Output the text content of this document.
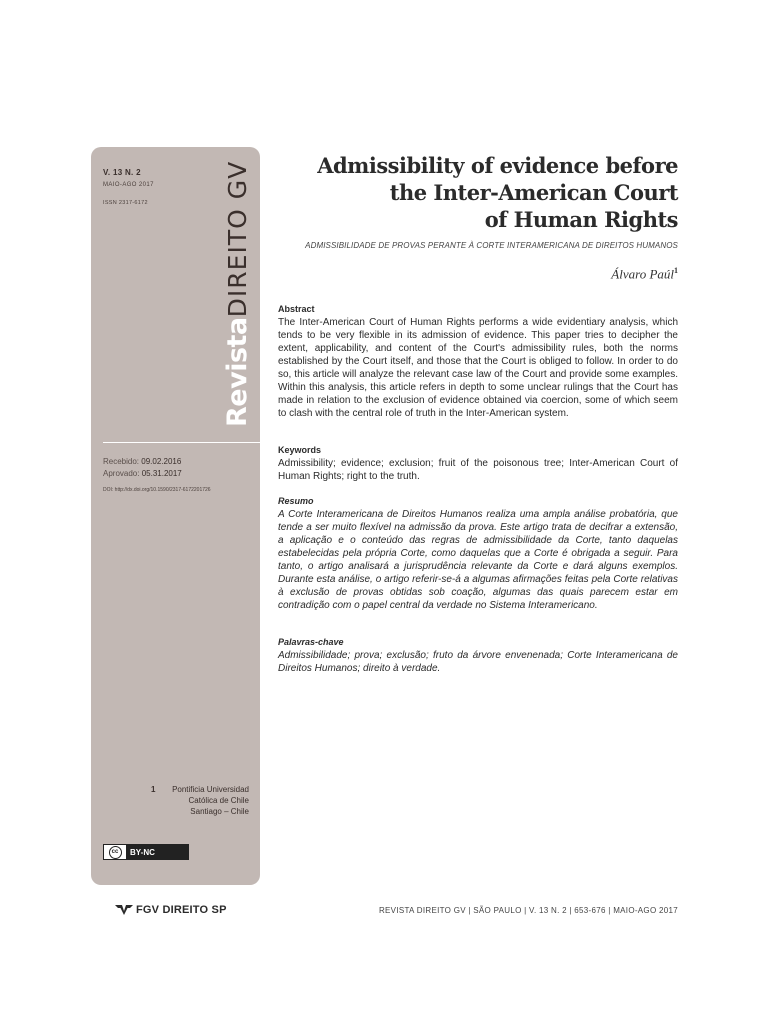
V. 13 N. 2
MAIO-AGO 2017
ISSN 2317-6172
RevistaDIREITO GV
Recebido: 09.02.2016
Aprovado: 05.31.2017
DOI: http://dx.doi.org/10.1590/2317-6172201726
1	Pontificia Universidad
Católica de Chile
Santiago – Chile
cc	BY-NC
Admissibility of evidence before
the Inter-American Court
of Human Rights
ADMISSIBILIDADE DE PROVAS PERANTE À CORTE INTERAMERICANA DE DIREITOS HUMANOS
Álvaro Paúl$^1$
Abstract
The Inter-American Court of Human Rights performs a wide evidentiary analysis, which tends to be very flexible in its admission of evidence. This paper tries to decipher the extent, applicability, and content of the Court's admissibility rules, both the norms established by the Court itself, and those that the Court is obliged to follow. In order to do so, this article will analyze the relevant case law of the Court and provide some examples. Within this analysis, this article refers in depth to some unclear rulings that the Court has made in relation to the exclusion of evidence obtained via coercion, some of which seem to clash with the central role of truth in the Inter-American system.
Keywords
Admissibility; evidence; exclusion; fruit of the poisonous tree; Inter-American Court of Human Rights; right to the truth.
Resumo
A Corte Interamericana de Direitos Humanos realiza uma ampla análise probatória, que tende a ser muito flexível na admissão da prova. Este artigo trata de decifrar a extensão, a aplicação e o conteúdo das regras de admissibilidade da Corte, tanto daquelas estabelecidas pela própria Corte, como daquelas que a Corte é obrigada a seguir. Para tanto, o artigo analisará a jurisprudência relevante da Corte e dará alguns exemplos. Durante esta análise, o artigo referir-se-á a algumas afirmações feitas pela Corte relativas à exclusão de provas obtidas sob coação, algumas das quais parecem estar em contradição com o papel central da verdade no Sistema Interamericano.
Palavras-chave
Admissibilidade; prova; exclusão; fruto da árvore envenenada; Corte Interamericana de Direitos Humanos; direito à verdade.
FGV DIREITO SP	REVISTA DIREITO GV | SÃO PAULO | V. 13 N. 2 | 653-676 | MAIO-AGO 2017
